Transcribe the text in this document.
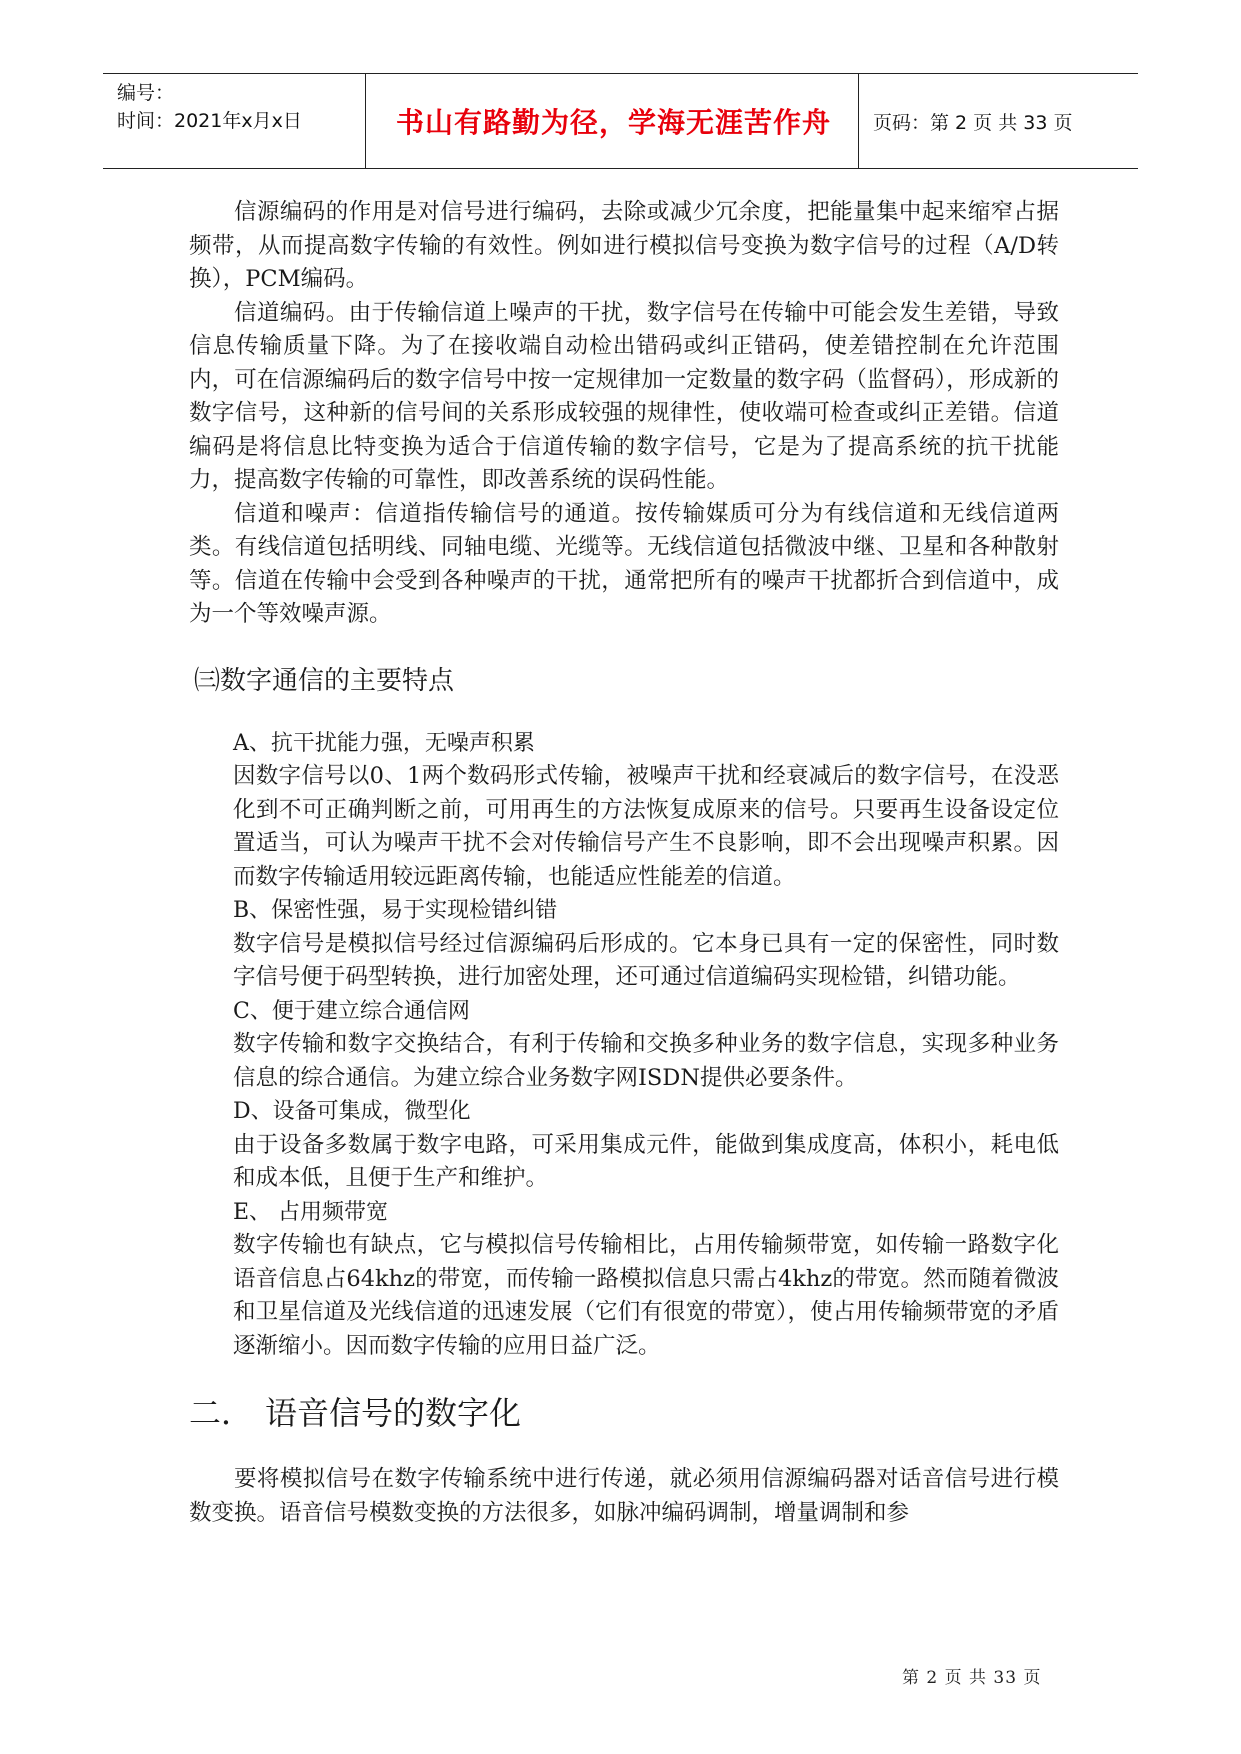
编号：
时间：2021年x月x日	书山有路勤为径，学海无涯苦作舟	页码：第 2 页 共 33 页

信源编码的作用是对信号进行编码，去除或减少冗余度，把能量集中起来缩窄占据频带，从而提高数字传输的有效性。例如进行模拟信号变换为数字信号的过程（A/D转换），PCM编码。

信道编码。由于传输信道上噪声的干扰，数字信号在传输中可能会发生差错，导致信息传输质量下降。为了在接收端自动检出错码或纠正错码，使差错控制在允许范围内，可在信源编码后的数字信号中按一定规律加一定数量的数字码（监督码），形成新的数字信号，这种新的信号间的关系形成较强的规律性，使收端可检查或纠正差错。信道编码是将信息比特变换为适合于信道传输的数字信号，它是为了提高系统的抗干扰能力，提高数字传输的可靠性，即改善系统的误码性能。

信道和噪声：信道指传输信号的通道。按传输媒质可分为有线信道和无线信道两类。有线信道包括明线、同轴电缆、光缆等。无线信道包括微波中继、卫星和各种散射等。信道在传输中会受到各种噪声的干扰，通常把所有的噪声干扰都折合到信道中，成为一个等效噪声源。

㈢数字通信的主要特点

A、抗干扰能力强，无噪声积累

因数字信号以0、1两个数码形式传输，被噪声干扰和经衰减后的数字信号，在没恶化到不可正确判断之前，可用再生的方法恢复成原来的信号。只要再生设备设定位置适当，可认为噪声干扰不会对传输信号产生不良影响，即不会出现噪声积累。因而数字传输适用较远距离传输，也能适应性能差的信道。

B、保密性强，易于实现检错纠错

数字信号是模拟信号经过信源编码后形成的。它本身已具有一定的保密性，同时数字信号便于码型转换，进行加密处理，还可通过信道编码实现检错，纠错功能。

C、便于建立综合通信网

数字传输和数字交换结合，有利于传输和交换多种业务的数字信息，实现多种业务信息的综合通信。为建立综合业务数字网ISDN提供必要条件。

D、设备可集成，微型化

由于设备多数属于数字电路，可采用集成元件，能做到集成度高，体积小，耗电低和成本低，且便于生产和维护。

E、 占用频带宽

数字传输也有缺点，它与模拟信号传输相比，占用传输频带宽，如传输一路数字化语音信息占64khz的带宽，而传输一路模拟信息只需占4khz的带宽。然而随着微波和卫星信道及光线信道的迅速发展（它们有很宽的带宽），使占用传输频带宽的矛盾逐渐缩小。因而数字传输的应用日益广泛。

二． 语音信号的数字化

要将模拟信号在数字传输系统中进行传递，就必须用信源编码器对话音信号进行模数变换。语音信号模数变换的方法很多，如脉冲编码调制，增量调制和参

第 2 页 共 33 页
